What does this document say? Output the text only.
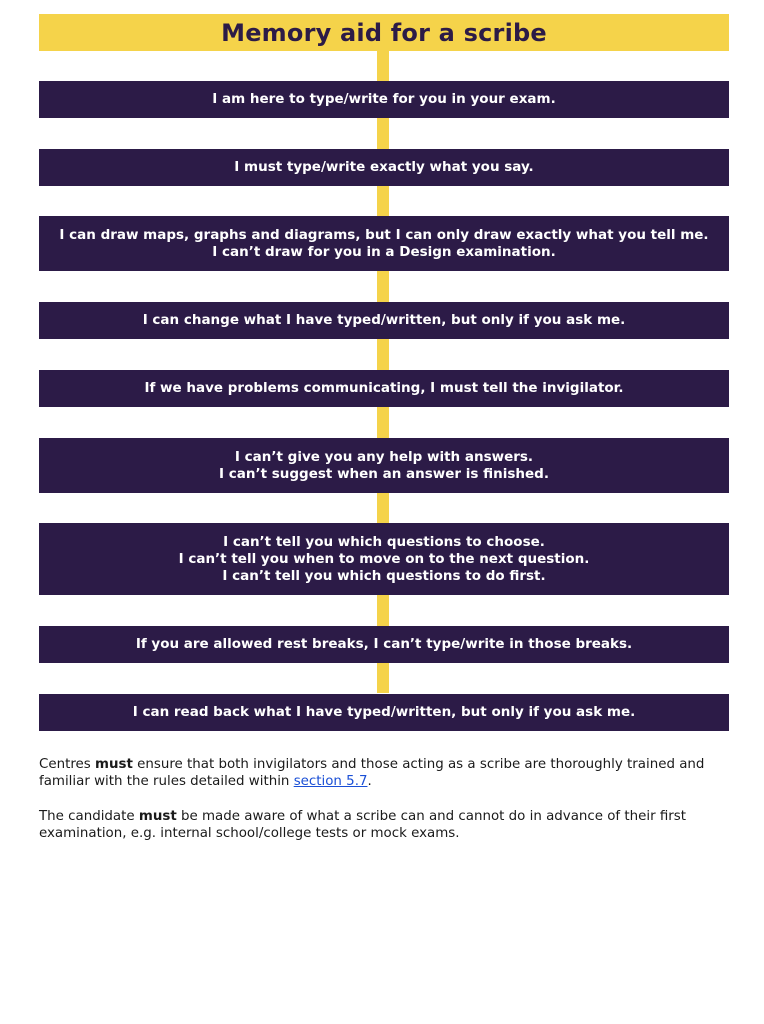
Memory aid for a scribe
I am here to type/write for you in your exam.
I must type/write exactly what you say.
I can draw maps, graphs and diagrams, but I can only draw exactly what you tell me.
I can’t draw for you in a Design examination.
I can change what I have typed/written, but only if you ask me.
If we have problems communicating, I must tell the invigilator.
I can’t give you any help with answers.
I can’t suggest when an answer is finished.
I can’t tell you which questions to choose.
I can’t tell you when to move on to the next question.
I can’t tell you which questions to do first.
If you are allowed rest breaks, I can’t type/write in those breaks.
I can read back what I have typed/written, but only if you ask me.
Centres must ensure that both invigilators and those acting as a scribe are thoroughly trained and familiar with the rules detailed within section 5.7.
The candidate must be made aware of what a scribe can and cannot do in advance of their first examination, e.g. internal school/college tests or mock exams.
